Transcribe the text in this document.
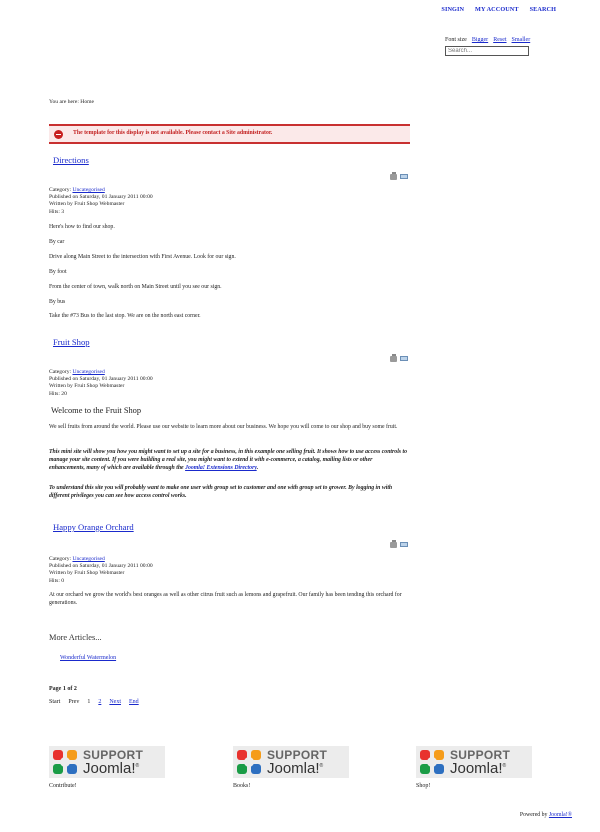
SINGIN MY ACCOUNT SEARCH
Font size Bigger Reset Smaller
Search...
You are here: Home
The template for this display is not available. Please contact a Site administrator.
Directions
Category: Uncategorised
Published on Saturday, 01 January 2011 00:00
Written by Fruit Shop Webmaster
Hits: 3
Here's how to find our shop.
By car
Drive along Main Street to the intersection with First Avenue. Look for our sign.
By foot
From the center of town, walk north on Main Street until you see our sign.
By bus
Take the #73 Bus to the last stop. We are on the north east corner.
Fruit Shop
Category: Uncategorised
Published on Saturday, 01 January 2011 00:00
Written by Fruit Shop Webmaster
Hits: 20
Welcome to the Fruit Shop
We sell fruits from around the world. Please use our website to learn more about our business. We hope you will come to our shop and buy some fruit.
This mini site will show you how you might want to set up a site for a business, in this example one selling fruit. It shows how to use access controls to manage your site content. If you were building a real site, you might want to extend it with e-commerce, a catalog, mailing lists or other enhancements, many of which are available through the Joomla! Extensions Directory.
To understand this site you will probably want to make one user with group set to customer and one with group set to grower. By logging in with different privileges you can see how access control works.
Happy Orange Orchard
Category: Uncategorised
Published on Saturday, 01 January 2011 00:00
Written by Fruit Shop Webmaster
Hits: 0
At our orchard we grow the world's best oranges as well as other citrus fruit such as lemons and grapefruit. Our family has been tending this orchard for generations.
More Articles...
Wonderful Watermelon
Page 1 of 2
Start Prev 1 2 Next End
SUPPORT
Joomla!®
Contribute!
SUPPORT
Joomla!®
Books!
SUPPORT
Joomla!®
Shop!
Powered by Joomla!®
